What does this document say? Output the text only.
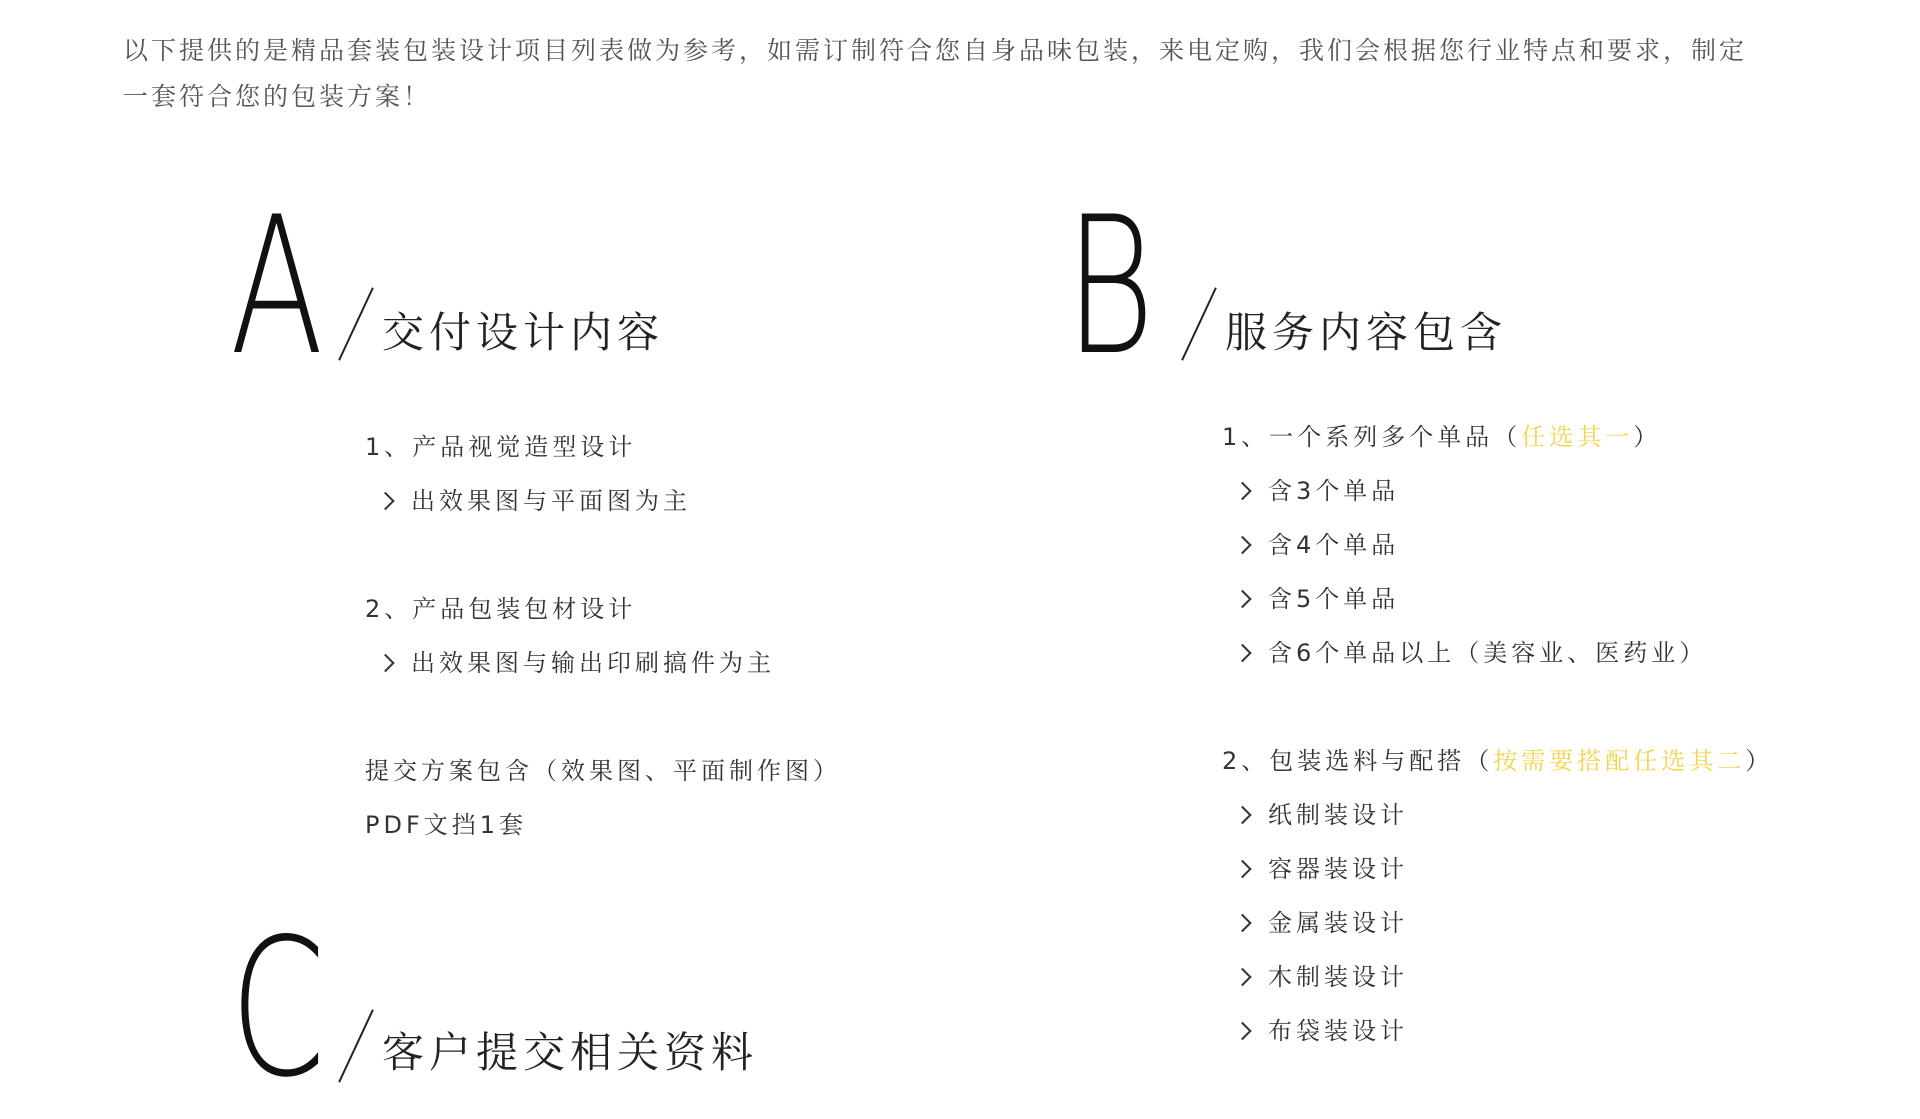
以下提供的是精品套装包装设计项目列表做为参考，如需订制符合您自身品味包装，来电定购，我们会根据您行业特点和要求，制定
一套符合您的包装方案！
A 交付设计内容
1、产品视觉造型设计
出效果图与平面图为主
2、产品包装包材设计
出效果图与输出印刷搞件为主
提交方案包含（效果图、平面制作图）
PDF文挡1套
B 服务内容包含
1、一个系列多个单品（任选其一）
含3个单品
含4个单品
含5个单品
含6个单品以上（美容业、医药业）
2、包装选料与配搭（按需要搭配任选其二）
纸制装设计
容器装设计
金属装设计
木制装设计
布袋装设计
C 客户提交相关资料
